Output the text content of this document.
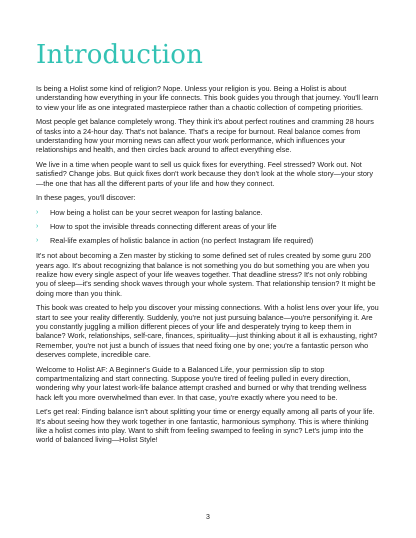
Introduction

Is being a Holist some kind of religion? Nope. Unless your religion is you. Being a Holist is about understanding how everything in your life connects. This book guides you through that journey. You'll learn to view your life as one integrated masterpiece rather than a chaotic collection of competing priorities.

Most people get balance completely wrong. They think it's about perfect routines and cramming 28 hours of tasks into a 24-hour day. That's not balance. That's a recipe for burnout. Real balance comes from understanding how your morning news can affect your work performance, which influences your relationships and health, and then circles back around to affect everything else.

We live in a time when people want to sell us quick fixes for everything. Feel stressed? Work out. Not satisfied? Change jobs. But quick fixes don't work because they don't look at the whole story—your story—the one that has all the different parts of your life and how they connect.

In these pages, you'll discover:

› How being a holist can be your secret weapon for lasting balance.
› How to spot the invisible threads connecting different areas of your life
› Real-life examples of holistic balance in action (no perfect Instagram life required)

It's not about becoming a Zen master by sticking to some defined set of rules created by some guru 200 years ago. It's about recognizing that balance is not something you do but something you are when you realize how every single aspect of your life weaves together. That deadline stress? It's not only robbing you of sleep—it's sending shock waves through your whole system. That relationship tension? It might be doing more than you think.

This book was created to help you discover your missing connections. With a holist lens over your life, you start to see your reality differently. Suddenly, you're not just pursuing balance—you're personifying it. Are you constantly juggling a million different pieces of your life and desperately trying to keep them in balance? Work, relationships, self-care, finances, spirituality—just thinking about it all is exhausting, right? Remember, you're not just a bunch of issues that need fixing one by one; you're a fantastic person who deserves complete, incredible care.

Welcome to Holist AF: A Beginner's Guide to a Balanced Life, your permission slip to stop compartmentalizing and start connecting. Suppose you're tired of feeling pulled in every direction, wondering why your latest work-life balance attempt crashed and burned or why that trending wellness hack left you more overwhelmed than ever. In that case, you're exactly where you need to be.

Let's get real: Finding balance isn't about splitting your time or energy equally among all parts of your life. It's about seeing how they work together in one fantastic, harmonious symphony. This is where thinking like a holist comes into play. Want to shift from feeling swamped to feeling in sync? Let's jump into the world of balanced living—Holist Style!

3
